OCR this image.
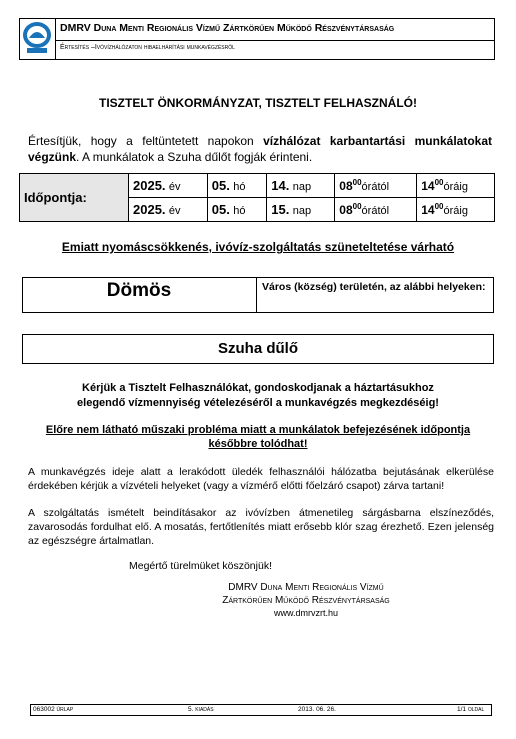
DMRV Duna Menti Regionális Vízmű Zártkörűen Működő Részvénytársaság
Értesítés –Ivóvízhálózaton hibaelhárítási munkavégzésről
TISZTELT ÖNKORMÁNYZAT, TISZTELT FELHASZNÁLÓ!
Értesítjük, hogy a feltüntetett napokon vízhálózat karbantartási munkálatokat végzünk. A munkálatok a Szuha dűlőt fogják érinteni.
Időpontja:	2025. év	05. hó	14. nap	$08^{00}órától$	$14^{00}óráig$
	2025. év	05. hó	15. nap	$08^{00}órától$	$14^{00}óráig$
Emiatt nyomáscsökkenés, ivóvíz-szolgáltatás szüneteltetése várható
Dömös	Város (község) területén, az alábbi helyeken:
Szuha dűlő
Kérjük a Tisztelt Felhasználókat, gondoskodjanak a háztartásukhoz
elegendő vízmennyiség vételezéséről a munkavégzés megkezdéséig!
Előre nem látható műszaki probléma miatt a munkálatok befejezésének időpontja
későbbre tolódhat!
A munkavégzés ideje alatt a lerakódott üledék felhasználói hálózatba bejutásának elkerülése érdekében kérjük a vízvételi helyeket (vagy a vízmérő előtti főelzáró csapot) zárva tartani!
A szolgáltatás ismételt beindításakor az ivóvízben átmenetileg sárgásbarna elszíneződés, zavarosodás fordulhat elő. A mosatás, fertőtlenítés miatt erősebb klór szag érezhető. Ezen jelenség az egészségre ártalmatlan.
Megértő türelmüket köszönjük!
DMRV Duna Menti Regionális Vízmű
Zártkörűen Működő Részvénytársaság
www.dmrvzrt.hu
063002 űrlap	5. kiadás	2013. 06. 26.	1/1 oldal
